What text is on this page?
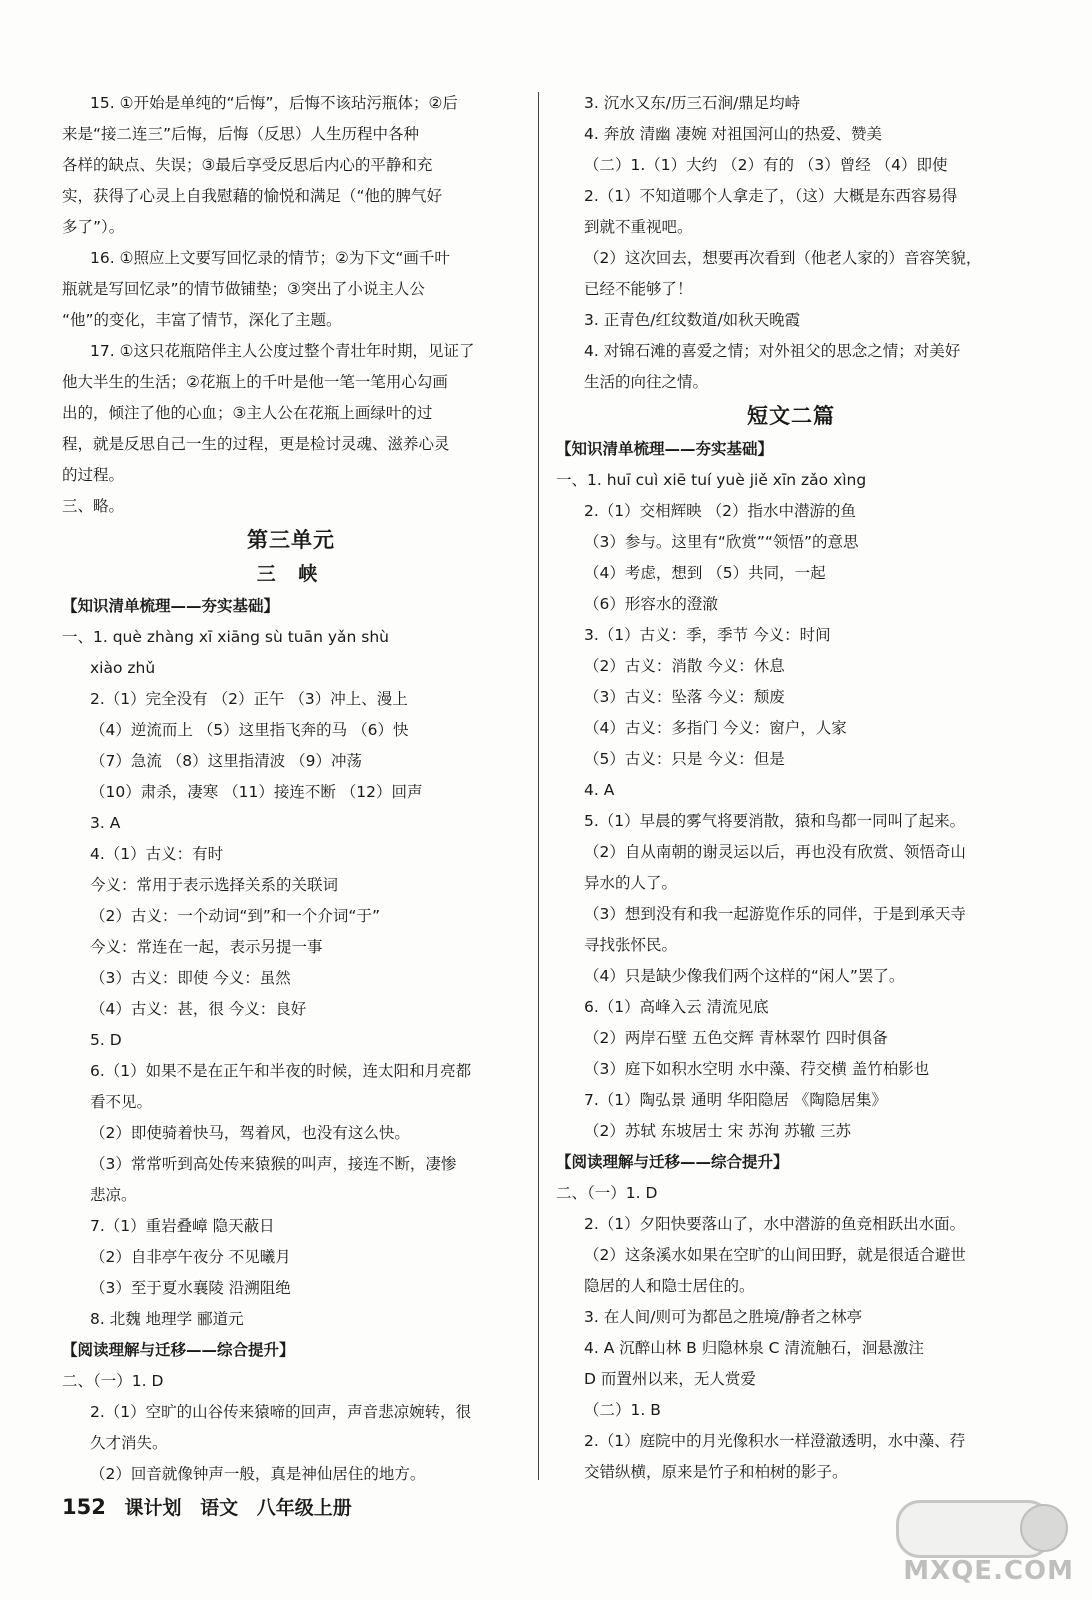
15. ①开始是单纯的“后悔”，后悔不该玷污瓶体；②后
来是“接二连三”后悔，后悔（反思）人生历程中各种
各样的缺点、失误；③最后享受反思后内心的平静和充
实，获得了心灵上自我慰藉的愉悦和满足（“他的脾气好
多了”）。
16. ①照应上文要写回忆录的情节；②为下文“画千叶
瓶就是写回忆录”的情节做铺垫；③突出了小说主人公
“他”的变化，丰富了情节，深化了主题。
17. ①这只花瓶陪伴主人公度过整个青壮年时期，见证了
他大半生的生活；②花瓶上的千叶是他一笔一笔用心勾画
出的，倾注了他的心血；③主人公在花瓶上画绿叶的过
程，就是反思自己一生的过程，更是检讨灵魂、滋养心灵
的过程。
三、略。
第三单元
三 峡
【知识清单梳理——夯实基础】
一、1. què zhàng xī xiāng sù tuān yǎn shù
xiào zhǔ
2.（1）完全没有 （2）正午 （3）冲上、漫上
（4）逆流而上 （5）这里指飞奔的马 （6）快
（7）急流 （8）这里指清波 （9）冲荡
（10）肃杀，凄寒 （11）接连不断 （12）回声
3. A
4.（1）古义：有时
今义：常用于表示选择关系的关联词
（2）古义：一个动词“到”和一个介词“于”
今义：常连在一起，表示另提一事
（3）古义：即使 今义：虽然
（4）古义：甚，很 今义：良好
5. D
6.（1）如果不是在正午和半夜的时候，连太阳和月亮都
看不见。
（2）即使骑着快马，驾着风，也没有这么快。
（3）常常听到高处传来猿猴的叫声，接连不断，凄惨
悲凉。
7.（1）重岩叠嶂 隐天蔽日
（2）自非亭午夜分 不见曦月
（3）至于夏水襄陵 沿溯阻绝
8. 北魏 地理学 郦道元
【阅读理解与迁移——综合提升】
二、（一）1. D
2.（1）空旷的山谷传来猿啼的回声，声音悲凉婉转，很
久才消失。
（2）回音就像钟声一般，真是神仙居住的地方。
3. 沉水又东/历三石涧/鼎足均峙
4. 奔放 清幽 凄婉 对祖国河山的热爱、赞美
（二）1.（1）大约 （2）有的 （3）曾经 （4）即使
2.（1）不知道哪个人拿走了，（这）大概是东西容易得
到就不重视吧。
（2）这次回去，想要再次看到（他老人家的）音容笑貌，
已经不能够了！
3. 正青色/红纹数道/如秋天晚霞
4. 对锦石滩的喜爱之情；对外祖父的思念之情；对美好
生活的向往之情。
短文二篇
【知识清单梳理——夯实基础】
一、1. huī cuì xiē tuí yuè jiě xīn zǎo xìng
2.（1）交相辉映 （2）指水中潜游的鱼
（3）参与。这里有“欣赏”“领悟”的意思
（4）考虑，想到 （5）共同，一起
（6）形容水的澄澈
3.（1）古义：季，季节 今义：时间
（2）古义：消散 今义：休息
（3）古义：坠落 今义：颓废
（4）古义：多指门 今义：窗户，人家
（5）古义：只是 今义：但是
4. A
5.（1）早晨的雾气将要消散，猿和鸟都一同叫了起来。
（2）自从南朝的谢灵运以后，再也没有欣赏、领悟奇山
异水的人了。
（3）想到没有和我一起游览作乐的同伴，于是到承天寺
寻找张怀民。
（4）只是缺少像我们两个这样的“闲人”罢了。
6.（1）高峰入云 清流见底
（2）两岸石壁 五色交辉 青林翠竹 四时俱备
（3）庭下如积水空明 水中藻、荇交横 盖竹柏影也
7.（1）陶弘景 通明 华阳隐居 《陶隐居集》
（2）苏轼 东坡居士 宋 苏洵 苏辙 三苏
【阅读理解与迁移——综合提升】
二、（一）1. D
2.（1）夕阳快要落山了，水中潜游的鱼竞相跃出水面。
（2）这条溪水如果在空旷的山间田野，就是很适合避世
隐居的人和隐士居住的。
3. 在人间/则可为都邑之胜境/静者之林亭
4. A 沉醉山林 B 归隐林泉 C 清流触石，洄悬激注
D 而置州以来，无人赏爱
（二）1. B
2.（1）庭院中的月光像积水一样澄澈透明，水中藻、荇
交错纵横，原来是竹子和柏树的影子。
152 课计划 语文 八年级上册
MXQE.COM
